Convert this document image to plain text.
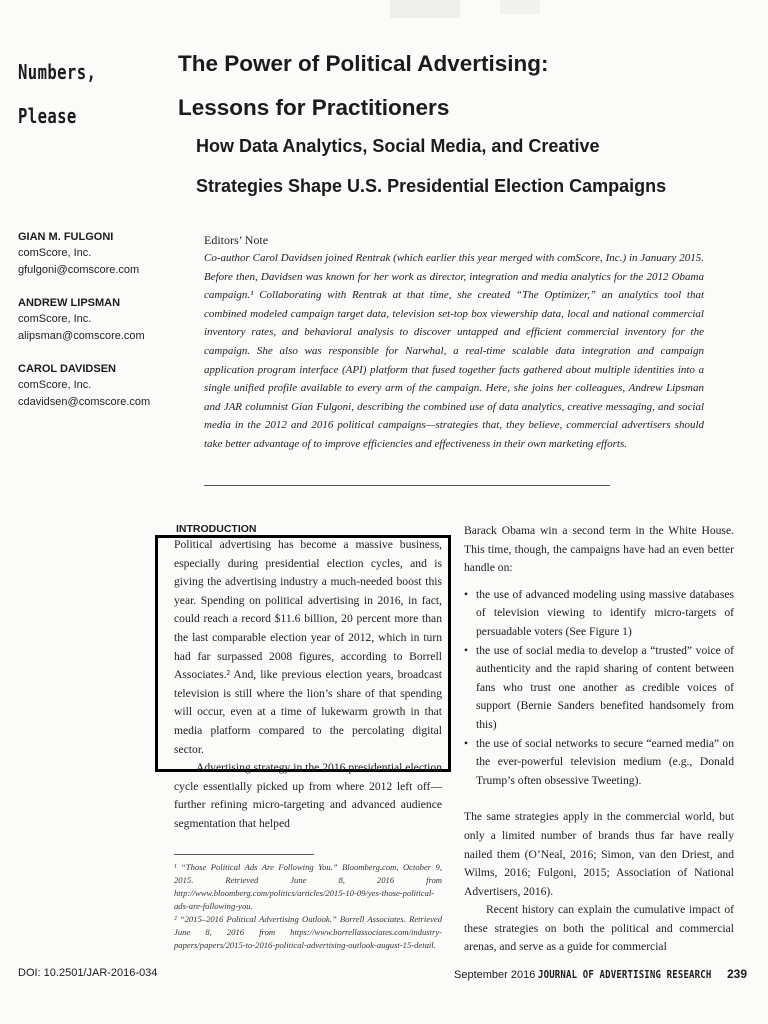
Numbers,
Please
The Power of Political Advertising:
Lessons for Practitioners
How Data Analytics, Social Media, and Creative
Strategies Shape U.S. Presidential Election Campaigns
GIAN M. FULGONI
comScore, Inc.
gfulgoni@comscore.com
ANDREW LIPSMAN
comScore, Inc.
alipsman@comscore.com
CAROL DAVIDSEN
comScore, Inc.
cdavidsen@comscore.com
Editors’ Note
Co-author Carol Davidsen joined Rentrak (which earlier this year merged with comScore, Inc.) in January 2015. Before then, Davidsen was known for her work as director, integration and media analytics for the 2012 Obama campaign.¹ Collaborating with Rentrak at that time, she created “The Optimizer,” an analytics tool that combined modeled campaign target data, television set-top box viewership data, local and national commercial inventory rates, and behavioral analysis to discover untapped and efficient commercial inventory for the campaign. She also was responsible for Narwhal, a real-time scalable data integration and campaign application program interface (API) platform that fused together facts gathered about multiple identities into a single unified profile available to every arm of the campaign. Here, she joins her colleagues, Andrew Lipsman and JAR columnist Gian Fulgoni, describing the combined use of data analytics, creative messaging, and social media in the 2012 and 2016 political campaigns—strategies that, they believe, commercial advertisers should take better advantage of to improve efficiencies and effectiveness in their own marketing efforts.
INTRODUCTION

Political advertising has become a massive business, especially during presidential election cycles, and is giving the advertising industry a much-needed boost this year. Spending on political advertising in 2016, in fact, could reach a record $11.6 billion, 20 percent more than the last comparable election year of 2012, which in turn had far surpassed 2008 figures, according to Borrell Associates.² And, like previous election years, broadcast television is still where the lion’s share of that spending will occur, even at a time of lukewarm growth in that media platform compared to the percolating digital sector.

Advertising strategy in the 2016 presidential election cycle essentially picked up from where 2012 left off—further refining micro-targeting and advanced audience segmentation that helped

¹ “Those Political Ads Are Following You.” Bloomberg.com, October 9, 2015. Retrieved June 8, 2016 from http://www.bloomberg.com/politics/articles/2015-10-09/yes-those-political-ads-are-following-you.
² “2015–2016 Political Advertising Outlook.” Borrell Associates. Retrieved June 8, 2016 from https://www.borrellassociates.com/industry-papers/papers/2015-to-2016-political-advertising-outlook-august-15-detail.
Barack Obama win a second term in the White House. This time, though, the campaigns have had an even better handle on:
• the use of advanced modeling using massive databases of television viewing to identify micro-targets of persuadable voters (See Figure 1)
• the use of social media to develop a “trusted” voice of authenticity and the rapid sharing of content between fans who trust one another as credible voices of support (Bernie Sanders benefited handsomely from this)
• the use of social networks to secure “earned media” on the ever-powerful television medium (e.g., Donald Trump’s often obsessive Tweeting).
The same strategies apply in the commercial world, but only a limited number of brands thus far have really nailed them (O’Neal, 2016; Simon, van den Driest, and Wilms, 2016; Fulgoni, 2015; Association of National Advertisers, 2016).
Recent history can explain the cumulative impact of these strategies on both the political and commercial arenas, and serve as a guide for commercial
DOI: 10.2501/JAR-2016-034	September 2016 JOURNAL OF ADVERTISING RESEARCH 239
